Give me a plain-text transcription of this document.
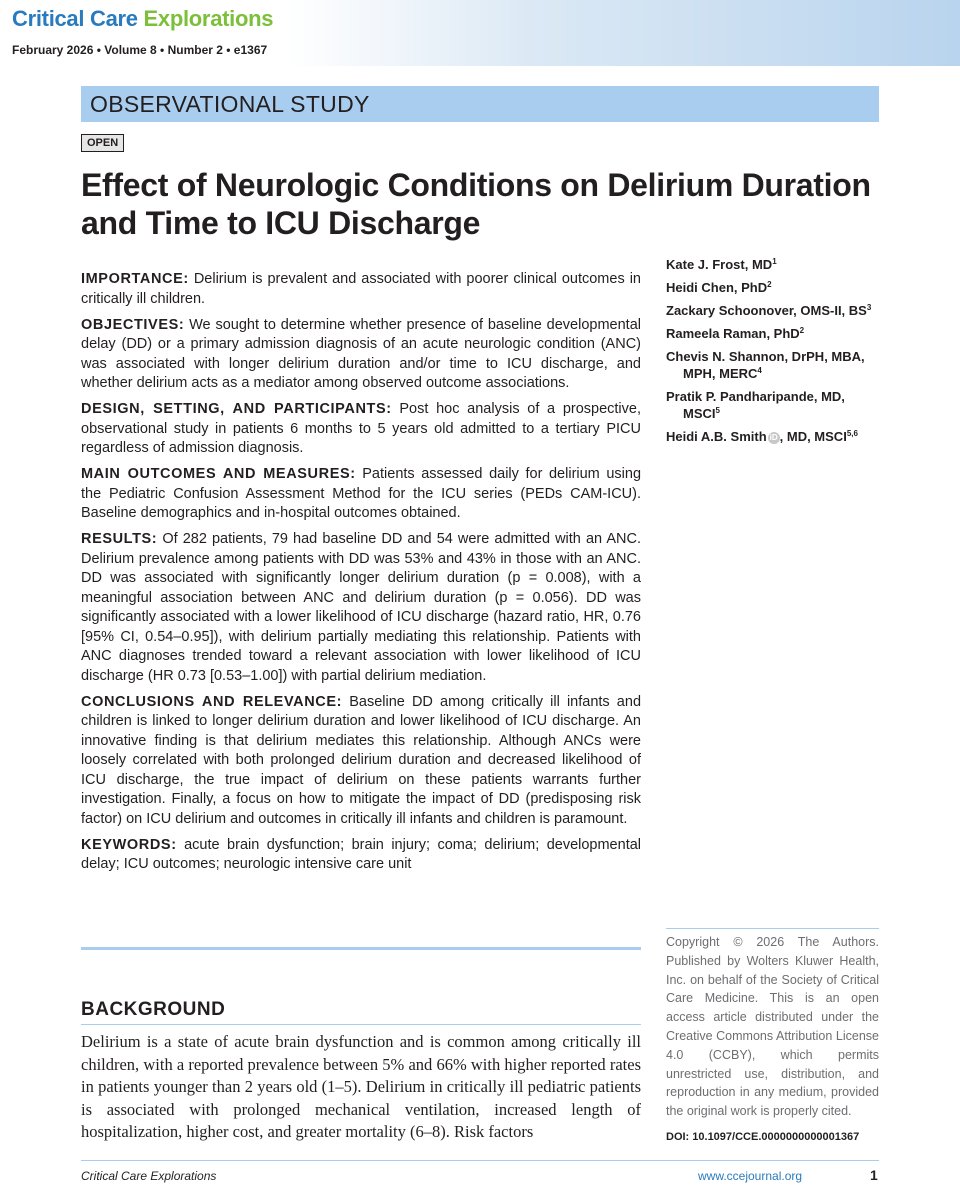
Critical Care Explorations
February 2026 • Volume 8 • Number 2 • e1367
OBSERVATIONAL STUDY
OPEN
Effect of Neurologic Conditions on Delirium Duration and Time to ICU Discharge

IMPORTANCE: Delirium is prevalent and associated with poorer clinical outcomes in critically ill children.

OBJECTIVES: We sought to determine whether presence of baseline developmental delay (DD) or a primary admission diagnosis of an acute neurologic condition (ANC) was associated with longer delirium duration and/or time to ICU discharge, and whether delirium acts as a mediator among observed outcome associations.

DESIGN, SETTING, AND PARTICIPANTS: Post hoc analysis of a prospective, observational study in patients 6 months to 5 years old admitted to a tertiary PICU regardless of admission diagnosis.

MAIN OUTCOMES AND MEASURES: Patients assessed daily for delirium using the Pediatric Confusion Assessment Method for the ICU series (PEDs CAM-ICU). Baseline demographics and in-hospital outcomes obtained.

RESULTS: Of 282 patients, 79 had baseline DD and 54 were admitted with an ANC. Delirium prevalence among patients with DD was 53% and 43% in those with an ANC. DD was associated with significantly longer delirium duration (p = 0.008), with a meaningful association between ANC and delirium duration (p = 0.056). DD was significantly associated with a lower likelihood of ICU discharge (hazard ratio, HR, 0.76 [95% CI, 0.54–0.95]), with delirium partially mediating this relationship. Patients with ANC diagnoses trended toward a relevant association with lower likelihood of ICU discharge (HR 0.73 [0.53–1.00]) with partial delirium mediation.

CONCLUSIONS AND RELEVANCE: Baseline DD among critically ill infants and children is linked to longer delirium duration and lower likelihood of ICU discharge. An innovative finding is that delirium mediates this relationship. Although ANCs were loosely correlated with both prolonged delirium duration and decreased likelihood of ICU discharge, the true impact of delirium on these patients warrants further investigation. Finally, a focus on how to mitigate the impact of DD (predisposing risk factor) on ICU delirium and outcomes in critically ill infants and children is paramount.

KEYWORDS: acute brain dysfunction; brain injury; coma; delirium; developmental delay; ICU outcomes; neurologic intensive care unit

BACKGROUND

Delirium is a state of acute brain dysfunction and is common among critically ill children, with a reported prevalence between 5% and 66% with higher reported rates in patients younger than 2 years old (1–5). Delirium in critically ill pediatric patients is associated with prolonged mechanical ventilation, increased length of hospitalization, higher cost, and greater mortality (6–8). Risk factors

Kate J. Frost, $MD^1$
Heidi Chen, PhD$^2$
Zackary Schoonover, OMS-II, $BS^3$
Rameela Raman, PhD$^2$
Chevis N. Shannon, DrPH, MBA,
MPH, MERC$^4$
Pratik P. Pandharipande, MD,
MSCI$^5$
Heidi A.B. Smith iD , MD, MSCI$^{5,6}$

Copyright © 2026 The Authors. Published by Wolters Kluwer Health, Inc. on behalf of the Society of Critical Care Medicine. This is an open access article distributed under the Creative Commons Attribution License 4.0 (CCBY), which permits unrestricted use, distribution, and reproduction in any medium, provided the original work is properly cited.

DOI: 10.1097/CCE.0000000000001367
Critical Care Explorations	www.ccejournal.org	1
